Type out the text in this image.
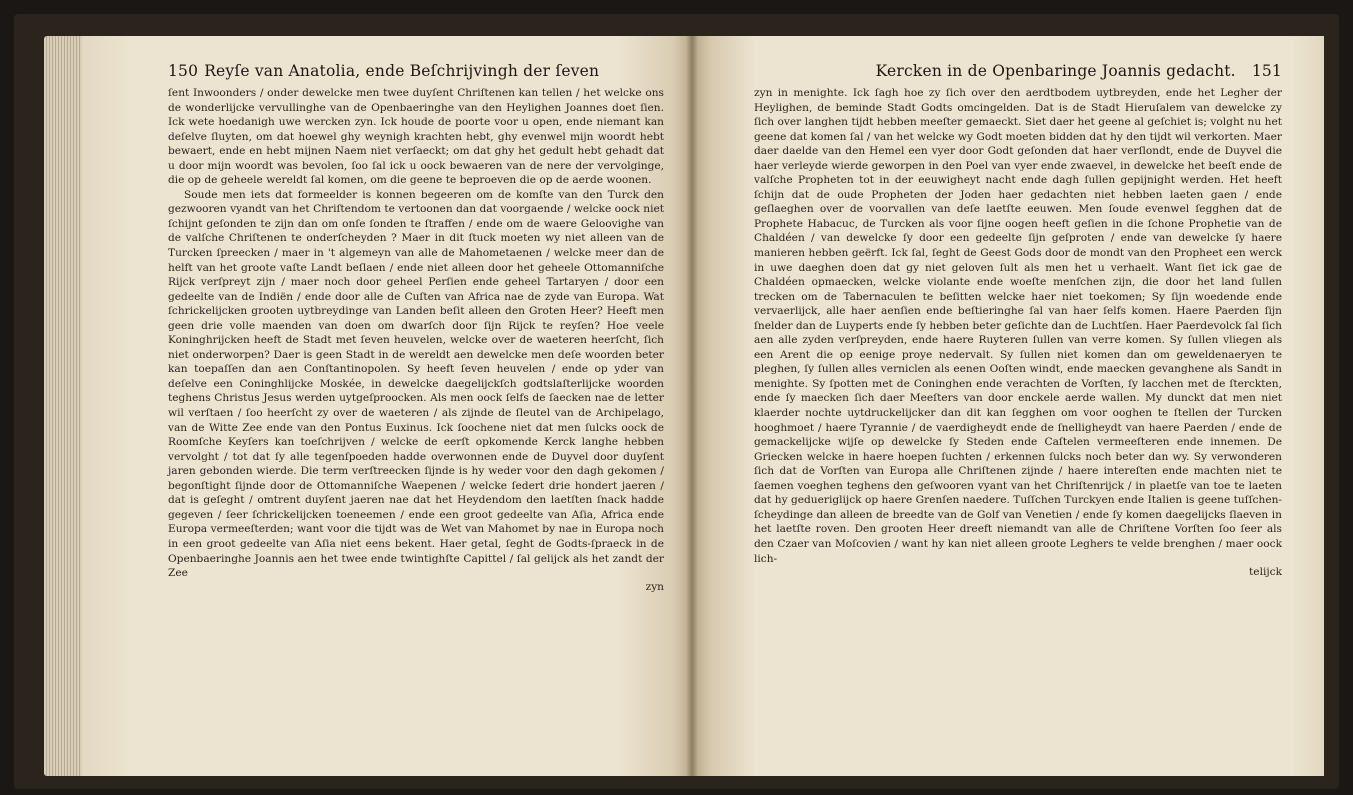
150 Reyſe van Anatolia, ende Beſchrijvingh der ſeven

ſent Inwoonders / onder dewelcke men twee duyſent Chriſtenen kan tellen / het welcke ons de wonderlijcke vervullinghe van de Openbaeringhe van den Heylighen Joannes doet ſien. Ick wete hoedanigh uwe wercken zyn. Ick houde de poorte voor u open, ende niemant kan deſelve ſluyten, om dat hoewel ghy weynigh krachten hebt, ghy evenwel mijn woordt hebt bewaert, ende en hebt mijnen Naem niet verſaeckt; om dat ghy het gedult hebt gehadt dat u door mijn woordt was bevolen, ſoo ſal ick u oock bewaeren van de nere der vervolginge, die op de geheele wereldt ſal komen, om die geene te beproeven die op de aerde woonen.

Soude men iets dat formeelder is konnen begeeren om de komſte van den Turck den gezwooren vyandt van het Chriſtendom te vertoonen dan dat voorgaende / welcke oock niet ſchijnt geſonden te zijn dan om onſe ſonden te ſtraffen / ende om de waere Geloovighe van de valſche Chriſtenen te onderſcheyden ? Maer in dit ſtuck moeten wy niet alleen van de Turcken ſpreecken / maer in 't algemeyn van alle de Mahometaenen / welcke meer dan de helft van het groote vaſte Landt beſlaen / ende niet alleen door het geheele Ottomanniſche Rijck verſpreyt zijn / maer noch door geheel Perſien ende geheel Tartaryen / door een gedeelte van de Indiën / ende door alle de Cuſten van Africa nae de zyde van Europa. Wat ſchrickelijcken grooten uytbreydinge van Landen beſit alleen den Groten Heer? Heeft men geen drie volle maenden van doen om dwarſch door ſijn Rijck te reyſen? Hoe veele Koninghrijcken heeft de Stadt met ſeven heuvelen, welcke over de waeteren heerſcht, ſich niet onderworpen? Daer is geen Stadt in de wereldt aen dewelcke men deſe woorden beter kan toepaſſen dan aen Conſtantinopolen. Sy heeft ſeven heuvelen / ende op yder van deſelve een Coninghlijcke Moskée, in dewelcke daegelijckſch godtslaſterlijcke woorden teghens Christus Jesus werden uytgeſproocken. Als men oock ſelfs de ſaecken nae de letter wil verſtaen / ſoo heerſcht zy over de waeteren / als zijnde de ſleutel van de Archipelago, van de Witte Zee ende van den Pontus Euxinus. Ick ſoochene niet dat men ſulcks oock de Roomſche Keyſers kan toeſchrijven / welcke de eerſt opkomende Kerck langhe hebben vervolght / tot dat ſy alle tegenſpoeden hadde overwonnen ende de Duyvel door duyſent jaren gebonden wierde. Die term verſtreecken ſijnde is hy weder voor den dagh gekomen / begonſtight ſijnde door de Ottomanniſche Waepenen / welcke ſedert drie hondert jaeren / dat is geſeght / omtrent duyſent jaeren nae dat het Heydendom den laetſten ſnack hadde gegeven / ſeer ſchrickelijcken toeneemen / ende een groot gedeelte van Aſia, Africa ende Europa vermeeſterden; want voor die tijdt was de Wet van Mahomet by nae in Europa noch in een groot gedeelte van Aſia niet eens bekent. Haer getal, ſeght de Godts-ſpraeck in de Openbaeringhe Joannis aen het twee ende twintighſte Capittel / ſal gelijck als het zandt der Zee

zyn
Kercken in de Openbaringe Joannis gedacht. 151

zyn in menighte. Ick ſagh hoe zy ſich over den aerdtbodem uytbreyden, ende het Legher der Heylighen, de beminde Stadt Godts omcingelden. Dat is de Stadt Hieruſalem van dewelcke zy ſich over langhen tijdt hebben meeſter gemaeckt. Siet daer het geene al geſchiet is; volght nu het geene dat komen ſal / van het welcke wy Godt moeten bidden dat hy den tijdt wil verkorten. Maer daer daelde van den Hemel een vyer door Godt geſonden dat haer verſlondt, ende de Duyvel die haer verleyde wierde geworpen in den Poel van vyer ende zwaevel, in dewelcke het beeſt ende de valſche Propheten tot in der eeuwigheyt nacht ende dagh ſullen gepijnight werden. Het heeft ſchijn dat de oude Propheten der Joden haer gedachten niet hebben laeten gaen / ende geſlaeghen over de voorvallen van deſe laetſte eeuwen. Men ſoude evenwel ſegghen dat de Prophete Habacuc, de Turcken als voor ſijne oogen heeft geſien in die ſchone Prophetie van de Chaldéen / van dewelcke ſy door een gedeelte ſijn geſproten / ende van dewelcke ſy haere manieren hebben geërft. Ick ſal, ſeght de Geest Gods door de mondt van den Propheet een werck in uwe daeghen doen dat gy niet geloven ſult als men het u verhaelt. Want ſiet ick gae de Chaldéen opmaecken, welcke violante ende woeſte menſchen zijn, die door het land ſullen trecken om de Tabernaculen te beſitten welcke haer niet toekomen; Sy ſijn woedende ende vervaerlijck, alle haer aenſien ende beſtieringhe ſal van haer ſelfs komen. Haere Paerden ſijn ſnelder dan de Luyperts ende ſy hebben beter geſichte dan de Luchtſen. Haer Paerdevolck ſal ſich aen alle zyden verſpreyden, ende haere Ruyteren ſullen van verre komen. Sy ſullen vliegen als een Arent die op eenige proye nedervalt. Sy ſullen niet komen dan om geweldenaeryen te pleghen, ſy ſullen alles verniclen als eenen Ooſten windt, ende maecken gevanghene als Sandt in menighte. Sy ſpotten met de Coninghen ende verachten de Vorſten, ſy lacchen met de ſterckten, ende ſy maecken ſich daer Meeſters van door enckele aerde wallen. My dunckt dat men niet klaerder nochte uytdruckelijcker dan dit kan ſegghen om voor ooghen te ſtellen der Turcken hooghmoet / haere Tyrannie / de vaerdigheydt ende de ſnelligheydt van haere Paerden / ende de gemackelijcke wijſe op dewelcke ſy Steden ende Caſtelen vermeeſteren ende innemen. De Griecken welcke in haere hoepen ſuchten / erkennen ſulcks noch beter dan wy. Sy verwonderen ſich dat de Vorſten van Europa alle Chriſtenen zijnde / haere intereſten ende machten niet te ſaemen voeghen teghens den geſwooren vyant van het Chriſtenrijck / in plaetſe van toe te laeten dat hy gedueriglijck op haere Grenſen naedere. Tuſſchen Turckyen ende Italien is geene tuſſchen-ſcheydinge dan alleen de breedte van de Golf van Venetien / ende ſy komen daegelijcks ſlaeven in het laetſte roven. Den grooten Heer dreeft niemandt van alle de Chriſtene Vorſten ſoo ſeer als den Czaer van Moſcovien / want hy kan niet alleen groote Leghers te velde brenghen / maer oock lich-

telijck
